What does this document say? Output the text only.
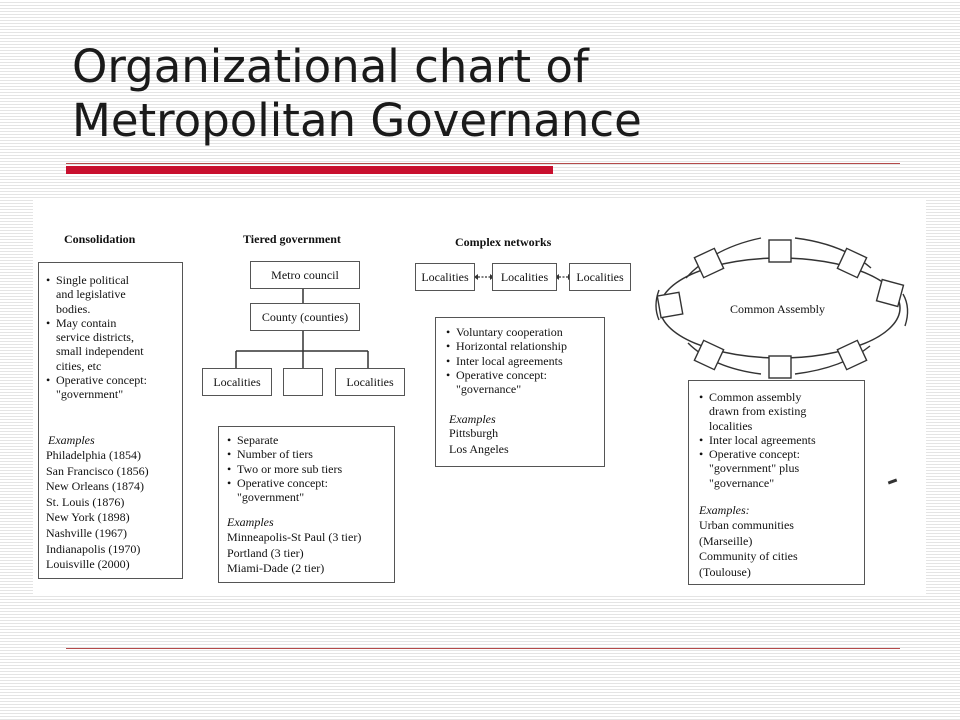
Organizational chart of
Metropolitan Governance
Consolidation
• Single political
and legislative
bodies.
• May contain
service districts,
small independent
cities, etc
• Operative concept:
"government"
Examples
Philadelphia (1854)
San Francisco (1856)
New Orleans (1874)
St. Louis (1876)
New York (1898)
Nashville (1967)
Indianapolis (1970)
Louisville (2000)
Tiered government
Metro council
County (counties)
Localities	Localities
• Separate
• Number of tiers
• Two or more sub tiers
• Operative concept:
"government"
Examples
Minneapolis-St Paul (3 tier)
Portland (3 tier)
Miami-Dade (2 tier)
Complex networks
Localities	Localities	Localities
• Voluntary cooperation
• Horizontal relationship
• Inter local agreements
• Operative concept:
"governance"
Examples
Pittsburgh
Los Angeles
Common Assembly
• Common assembly
drawn from existing
localities
• Inter local agreements
• Operative concept:
"government" plus
"governance"
Examples:
Urban communities
(Marseille)
Community of cities
(Toulouse)
